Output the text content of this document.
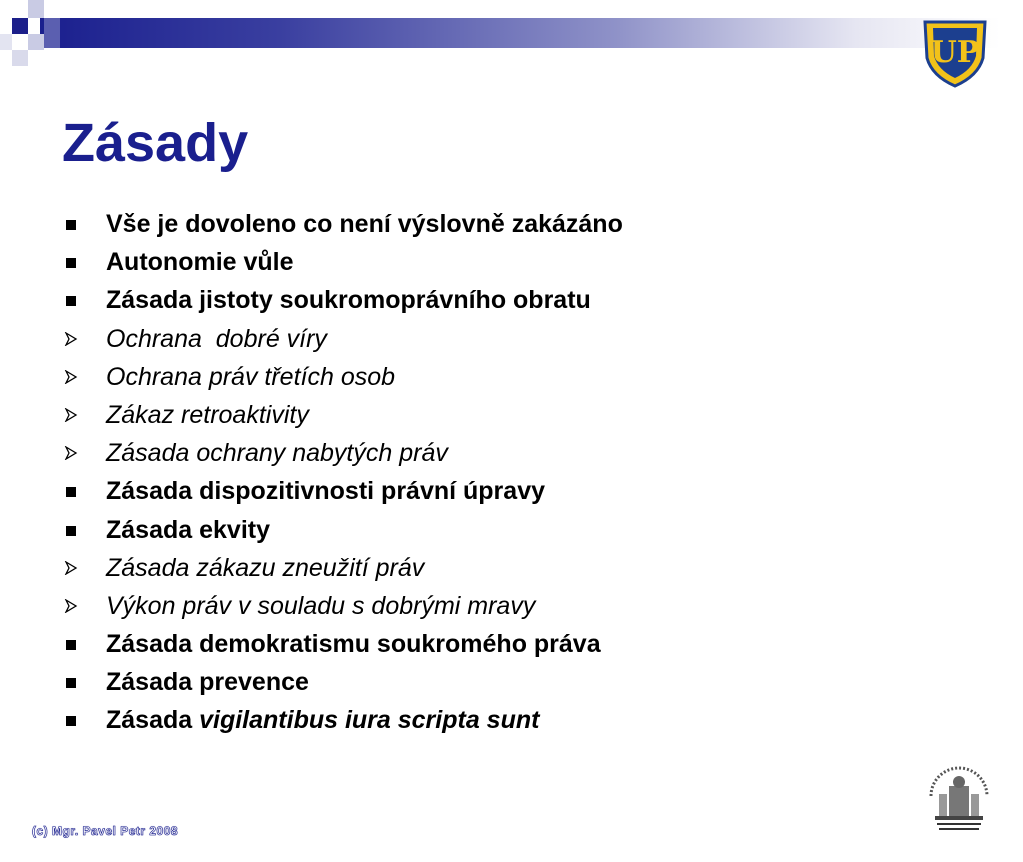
UP
Zásady
Vše je dovoleno co není výslovně zakázáno
Autonomie vůle
Zásada jistoty soukromoprávního obratu
Ochrana  dobré víry
Ochrana práv třetích osob
Zákaz retroaktivity
Zásada ochrany nabytých práv
Zásada dispozitivnosti právní úpravy
Zásada ekvity
Zásada zákazu zneužití práv
Výkon práv v souladu s dobrými mravy
Zásada demokratismu soukromého práva
Zásada prevence
Zásada vigilantibus iura scripta sunt
(c) Mgr. Pavel Petr 2008
